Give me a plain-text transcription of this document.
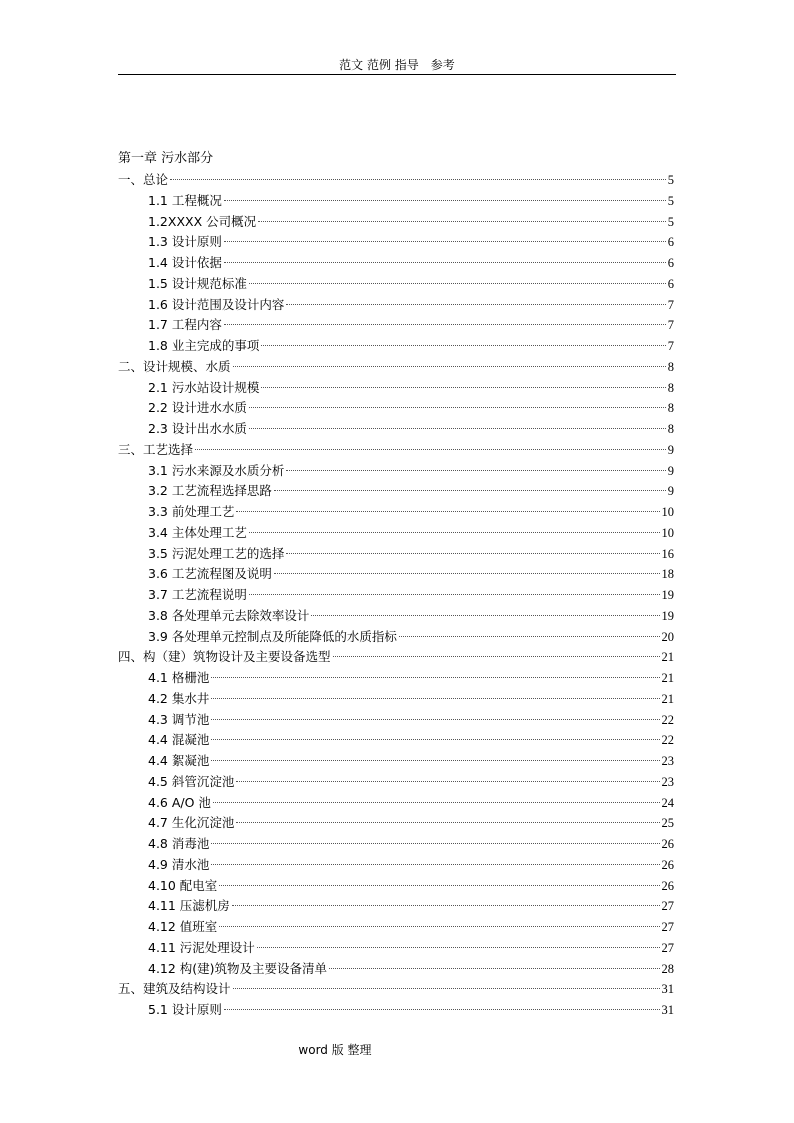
范文 范例 指导　参考
第一章 污水部分
一、总论	5
1.1 工程概况	5
1.2XXXX 公司概况	5
1.3 设计原则	6
1.4 设计依据	6
1.5 设计规范标准	6
1.6 设计范围及设计内容	7
1.7 工程内容	7
1.8 业主完成的事项	7
二、设计规模、水质	8
2.1 污水站设计规模	8
2.2 设计进水水质	8
2.3 设计出水水质	8
三、工艺选择	9
3.1 污水来源及水质分析	9
3.2 工艺流程选择思路	9
3.3 前处理工艺	10
3.4 主体处理工艺	10
3.5 污泥处理工艺的选择	16
3.6 工艺流程图及说明	18
3.7 工艺流程说明	19
3.8 各处理单元去除效率设计	19
3.9 各处理单元控制点及所能降低的水质指标	20
四、构（建）筑物设计及主要设备选型	21
4.1 格栅池	21
4.2 集水井	21
4.3 调节池	22
4.4 混凝池	22
4.4 絮凝池	23
4.5 斜管沉淀池	23
4.6 A/O 池	24
4.7 生化沉淀池	25
4.8 消毒池	26
4.9 清水池	26
4.10 配电室	26
4.11 压滤机房	27
4.12 值班室	27
4.11 污泥处理设计	27
4.12 构(建)筑物及主要设备清单	28
五、建筑及结构设计	31
5.1 设计原则	31
word 版 整理
